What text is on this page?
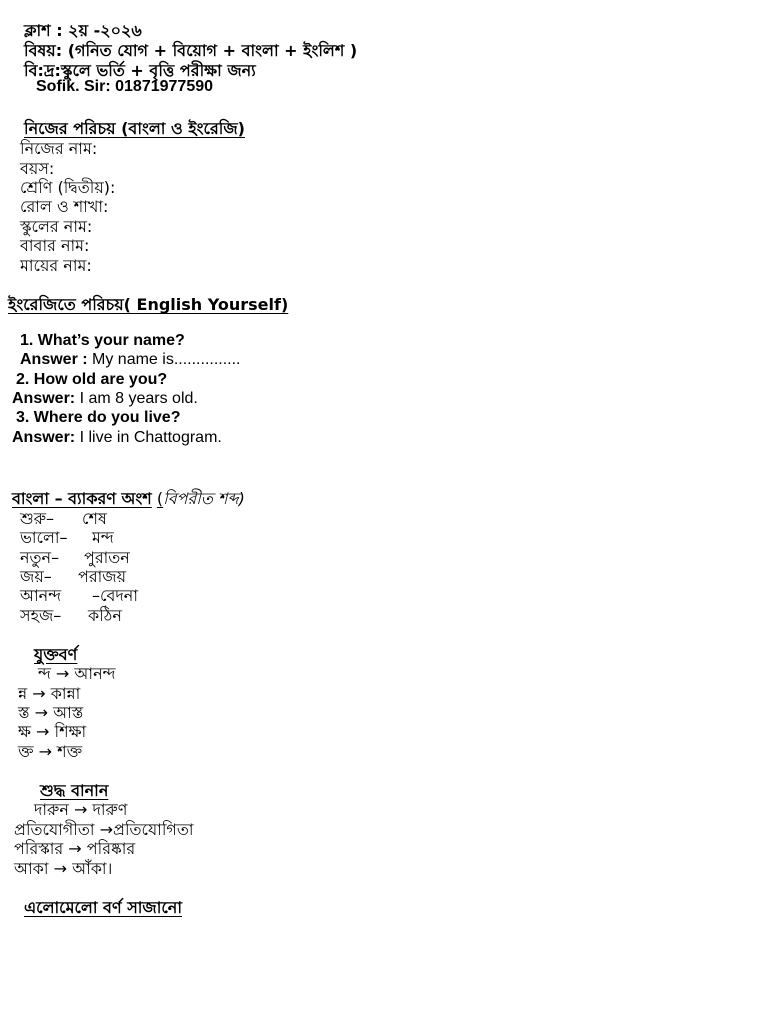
ক্লাশ : ২য় -২০২৬
বিষয়: (গনিত যোগ + বিয়োগ + বাংলা + ইংলিশ )
বি:দ্র:স্কুলে ভর্তি + বৃত্তি পরীক্ষা জন্য
Sofik. Sir: 01871977590
নিজের পরিচয় (বাংলা ও ইংরেজি)
নিজের নাম:
বয়স:
শ্রেণি (দ্বিতীয়):
রোল ও শাখা:
স্কুলের নাম:
বাবার নাম:
মায়ের নাম:
ইংরেজিতে পরিচয়( English Yourself)
1. What’s your name?
Answer : My name is...............
2. How old are you?
Answer: I am 8 years old.
3. Where do you live?
Answer: I live in Chattogram.
বাংলা – ব্যাকরণ অংশ (বিপরীত শব্দ)
শুরু– শেষ
ভালো– মন্দ
নতুন– পুরাতন
জয়– পরাজয়
আনন্দ –বেদনা
সহজ– কঠিন
যুক্তবর্ণ
ন্দ → আনন্দ
ন্ন → কান্না
স্ত → আস্ত
ক্ষ → শিক্ষা
ক্ত → শক্ত
শুদ্ধ বানান
দারুন → দারুণ
প্রতিযোগীতা →প্রতিযোগিতা
পরিস্কার → পরিষ্কার
আকা → আঁকা।
এলোমেলো বর্ণ সাজানো
